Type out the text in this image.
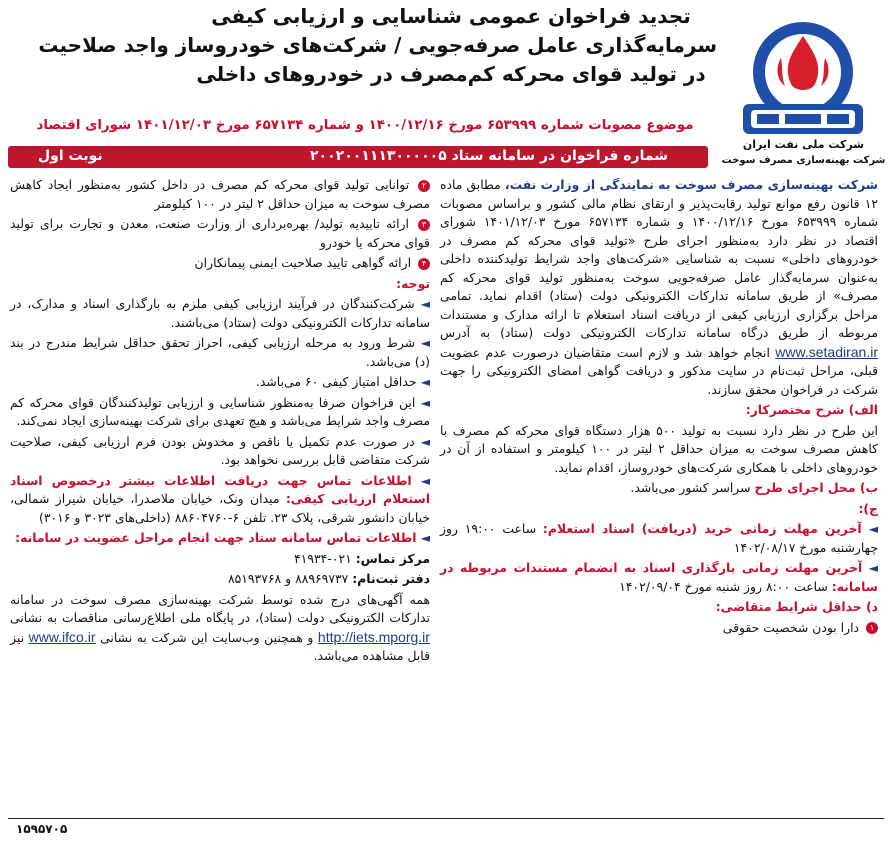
تجدید فراخوان عمومی شناسایی و ارزیابی کیفی
سرمایه‌گذاری عامل صرفه‌جویی / شرکت‌های خودروساز واجد صلاحیت
در تولید قوای محرکه کم‌مصرف در خودروهای داخلی
موضوع مصوبات شماره ۶۵۳۹۹۹ مورخ ۱۴۰۰/۱۲/۱۶ و شماره ۶۵۷۱۳۴ مورخ ۱۴۰۱/۱۲/۰۳ شورای اقتصاد
شماره فراخوان در سامانه ستاد ۲۰۰۲۰۰۱۱۱۳۰۰۰۰۰۵
نوبت اول
شرکت ملی نفت ایران
شرکت بهینه‌سازی مصرف سوخت

شرکت بهینه‌سازی مصرف سوخت به نمایندگی از وزارت نفت، مطابق ماده ۱۲ قانون رفع موانع تولید رقابت‌پذیر و ارتقای نظام مالی کشور و براساس مصوبات شماره ۶۵۳۹۹۹ مورخ ۱۴۰۰/۱۲/۱۶ و شماره ۶۵۷۱۳۴ مورخ ۱۴۰۱/۱۲/۰۳ شورای اقتصاد در نظر دارد به‌منظور اجرای طرح «تولید قوای محرکه کم مصرف در خودروهای داخلی» نسبت به شناسایی «شرکت‌های واجد شرایط تولیدکننده داخلی به‌عنوان سرمایه‌گذار عامل صرفه‌جویی سوخت به‌منظور تولید قوای محرکه کم مصرف» از طریق سامانه تدارکات الکترونیکی دولت (ستاد) اقدام نماید. تمامی مراحل برگزاری ارزیابی کیفی از دریافت اسناد استعلام تا ارائه مدارک و مستندات مربوطه از طریق درگاه سامانه تدارکات الکترونیکی دولت (ستاد) به آدرس www.setadiran.ir انجام خواهد شد و لازم است متقاضیان درصورت عدم عضویت قبلی، مراحل ثبت‌نام در سایت مذکور و دریافت گواهی امضای الکترونیکی را جهت شرکت در فراخوان محقق سازند.

الف) شرح مختصرکار:

این طرح در نظر دارد نسبت به تولید ۵۰۰ هزار دستگاه قوای محرکه کم مصرف با کاهش مصرف سوخت به میزان حداقل ۲ لیتر در ۱۰۰ کیلومتر و استفاده از آن در خودروهای داخلی با همکاری شرکت‌های خودروساز، اقدام نماید.

ب) محل اجرای طرح سراسر کشور می‌باشد.

ج):

◄ آخرین مهلت زمانی خرید (دریافت) اسناد استعلام: ساعت ۱۹:۰۰ روز چهارشنبه مورخ ۱۴۰۲/۰۸/۱۷

◄ آخرین مهلت زمانی بارگذاری اسناد به انضمام مستندات مربوطه در سامانه: ساعت ۸:۰۰ روز شنبه مورخ ۱۴۰۲/۰۹/۰۴

د) حداقل شرایط متقاضی:

۱ دارا بودن شخصیت حقوقی

۲ توانایی تولید قوای محرکه کم مصرف در داخل کشور به‌منظور ایجاد کاهش مصرف سوخت به میزان حداقل ۲ لیتر در ۱۰۰ کیلومتر

۳ ارائه تاییدیه تولید/ بهره‌برداری از وزارت صنعت، معدن و تجارت برای تولید قوای محرکه یا خودرو

۴ ارائه گواهی تایید صلاحیت ایمنی پیمانکاران

توجه:

◄ شرکت‌کنندگان در فرآیند ارزیابی کیفی ملزم به بارگذاری اسناد و مدارک، در سامانه تدارکات الکترونیکی دولت (ستاد) می‌باشند.

◄ شرط ورود به مرحله ارزیابی کیفی، احراز تحقق حداقل شرایط مندرج در بند (د) می‌باشد.

◄ حداقل امتیاز کیفی ۶۰ می‌باشد.

◄ این فراخوان صرفا به‌منظور شناسایی و ارزیابی تولیدکنندگان قوای محرکه کم مصرف واجد شرایط می‌باشد و هیچ تعهدی برای شرکت بهینه‌سازی ایجاد نمی‌کند.

◄ در صورت عدم تکمیل یا ناقص و مخدوش بودن فرم ارزیابی کیفی، صلاحیت شرکت متقاضی قابل بررسی نخواهد بود.

◄ اطلاعات تماس جهت دریافت اطلاعات بیشتر درخصوص اسناد استعلام ارزیابی کیفی: میدان ونک، خیابان ملاصدرا، خیابان شیراز شمالی، خیابان دانشور شرقی، پلاک ۲۳. تلفن ۶-۸۸۶۰۴۷۶۰ (داخلی‌های ۳۰۲۳ و ۳۰۱۶)

◄ اطلاعات تماس سامانه ستاد جهت انجام مراحل عضویت در سامانه:

مرکز تماس: ۰۲۱-۴۱۹۳۴

دفتر ثبت‌نام: ۸۸۹۶۹۷۳۷ و ۸۵۱۹۳۷۶۸

همه آگهی‌های درج شده توسط شرکت بهینه‌سازی مصرف سوخت در سامانه تدارکات الکترونیکی دولت (ستاد)، در پایگاه ملی اطلاع‌رسانی مناقصات به نشانی http://iets.mporg.ir و همچنین وب‌سایت این شرکت به نشانی www.ifco.ir نیز قابل مشاهده می‌باشد.

۱۵۹۵۷۰۵
